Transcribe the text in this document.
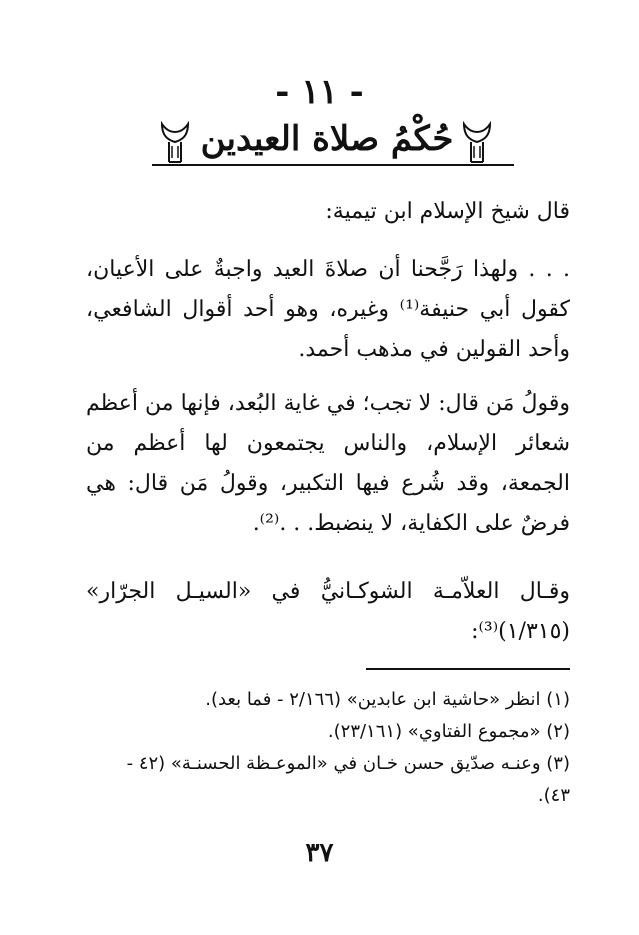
- ١١ -
حُكْمُ صلاة العيدين

قال شيخ الإسلام ابن تيمية:

. . . ولهذا رَجَّحنا أن صلاةَ العيد واجبةٌ على الأعيان، كقول أبي حنيفة⁽¹⁾ وغيره، وهو أحد أقوال الشافعي، وأحد القولين في مذهب أحمد.

وقولُ مَن قال: لا تجب؛ في غاية البُعد، فإنها من أعظم شعائر الإسلام، والناس يجتمعون لها أعظم من الجمعة، وقد شُرع فيها التكبير، وقولُ مَن قال: هي فرضٌ على الكفاية، لا ينضبط. . .⁽²⁾.

وقـال العلاّمـة الشوكـانيُّ في «السيـل الجرّار» (١/٣١٥)⁽³⁾:

(١) انظر «حاشية ابن عابدين» (٢/١٦٦ - فما بعد).

(٢) «مجموع الفتاوي» (٢٣/١٦١).

(٣) وعنـه صدّيق حسن خـان في «الموعـظة الحسنـة» (٤٢ - ٤٣).

٣٧
